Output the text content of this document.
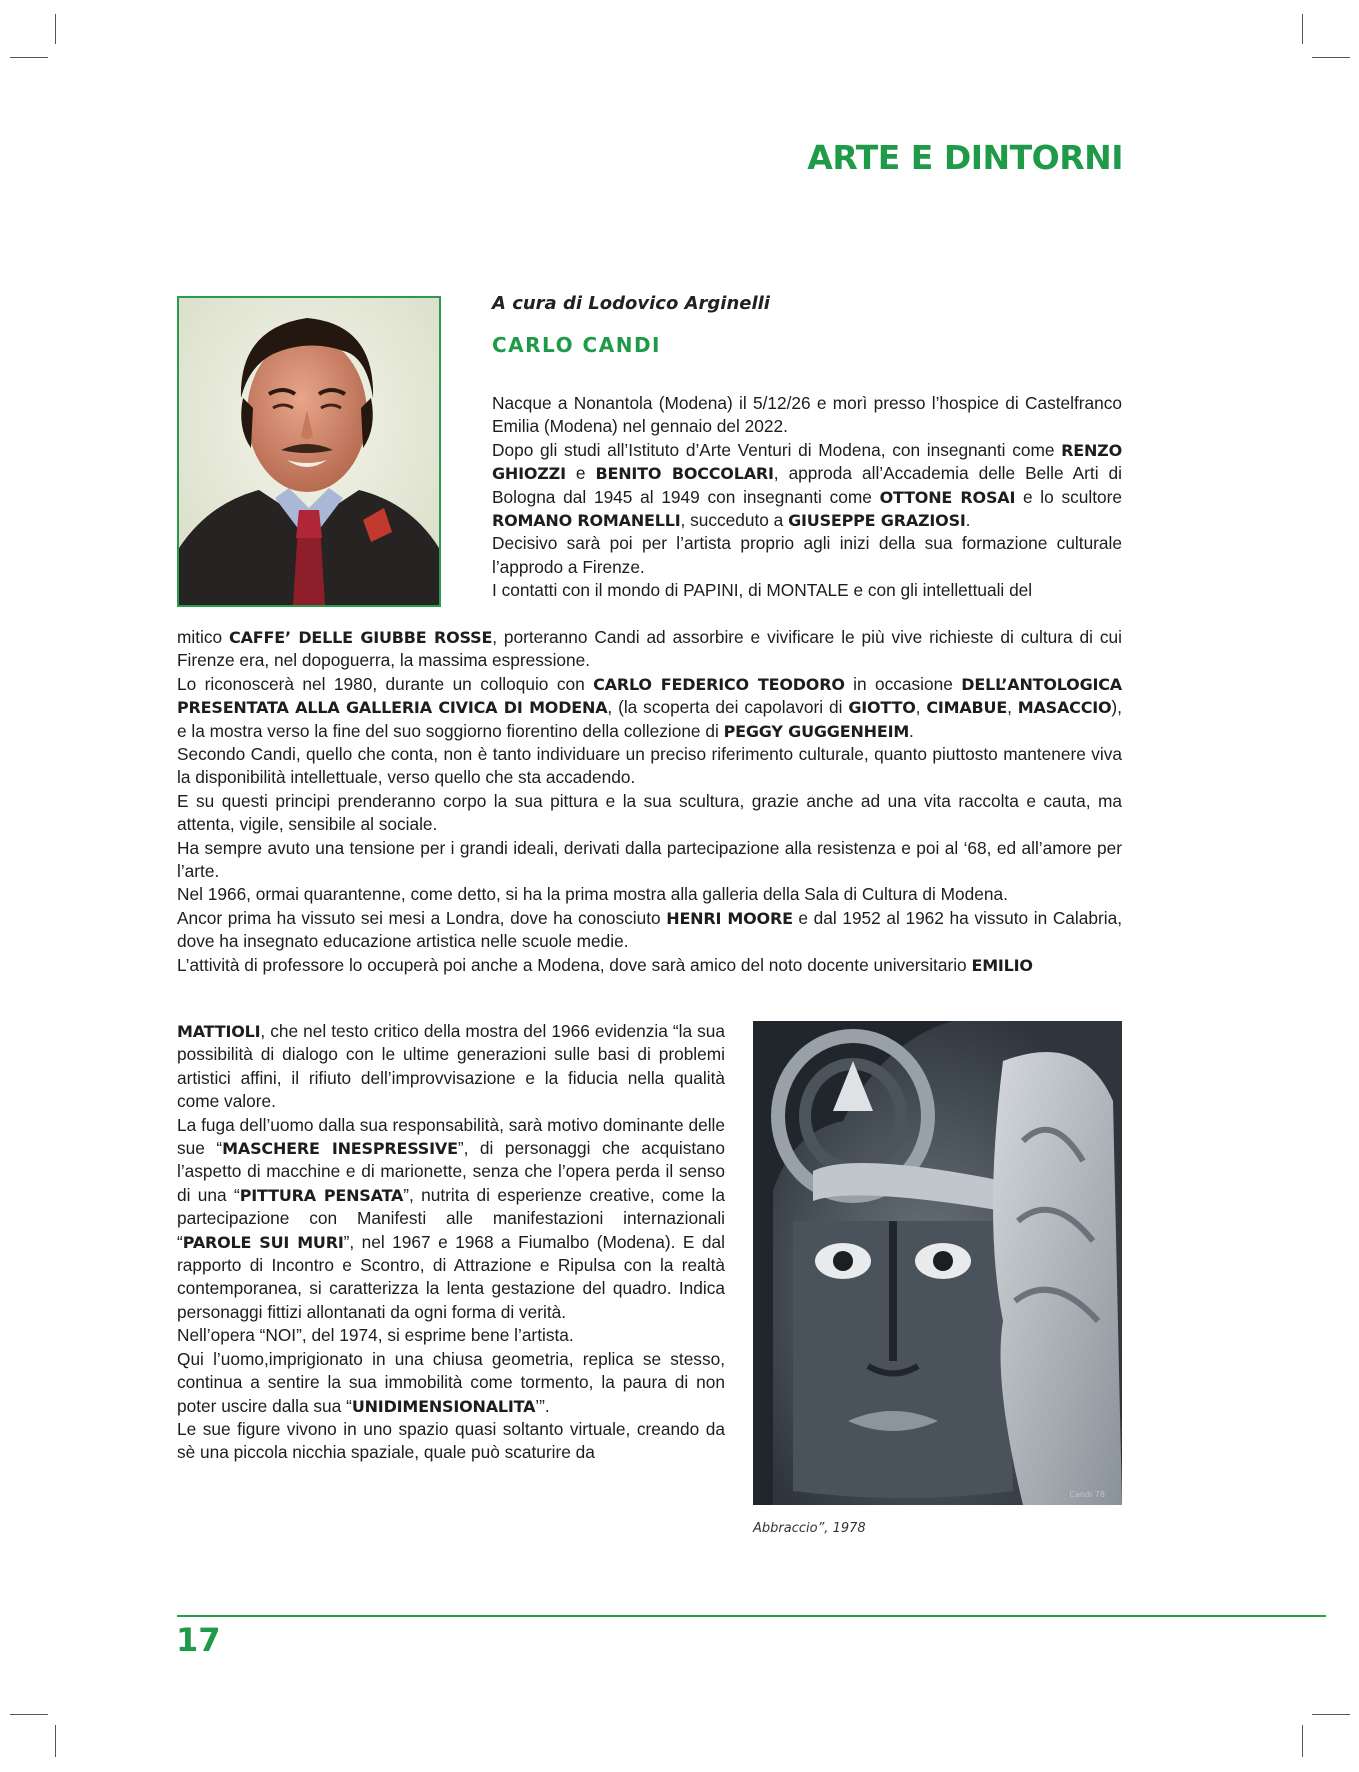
ARTE E DINTORNI

A cura di Lodovico Arginelli

CARLO CANDI

Nacque a Nonantola (Modena) il 5/12/26 e morì presso l’hospice di Castelfranco Emilia (Modena) nel gennaio del 2022.

Dopo gli studi all’Istituto d’Arte Venturi di Modena, con insegnanti come RENZO GHIOZZI e BENITO BOCCOLARI, approda all’Accademia delle Belle Arti di Bologna dal 1945 al 1949 con insegnanti come OTTONE ROSAI e lo scultore ROMANO ROMANELLI, succeduto a GIUSEPPE GRAZIOSI.

Decisivo sarà poi per l’artista proprio agli inizi della sua formazione culturale l’approdo a Firenze.

I contatti con il mondo di PAPINI, di MONTALE e con gli intellettuali del

mitico CAFFE’ DELLE GIUBBE ROSSE, porteranno Candi ad assorbire e vivificare le più vive richieste di cultura di cui Firenze era, nel dopoguerra, la massima espressione.

Lo riconoscerà nel 1980, durante un colloquio con CARLO FEDERICO TEODORO in occasione DELL’ANTOLOGICA PRESENTATA ALLA GALLERIA CIVICA DI MODENA, (la scoperta dei capolavori di GIOTTO, CIMABUE, MASACCIO), e la mostra verso la fine del suo soggiorno fiorentino della collezione di PEGGY GUGGENHEIM.

Secondo Candi, quello che conta, non è tanto individuare un preciso riferimento culturale, quanto piuttosto mantenere viva la disponibilità intellettuale, verso quello che sta accadendo.

E su questi principi prenderanno corpo la sua pittura e la sua scultura, grazie anche ad una vita raccolta e cauta, ma attenta, vigile, sensibile al sociale.

Ha sempre avuto una tensione per i grandi ideali, derivati dalla partecipazione alla resistenza e poi al ‘68, ed all’amore per l’arte.

Nel 1966, ormai quarantenne, come detto, si ha la prima mostra alla galleria della Sala di Cultura di Modena.

Ancor prima ha vissuto sei mesi a Londra, dove ha conosciuto HENRI MOORE e dal 1952 al 1962 ha vissuto in Calabria, dove ha insegnato educazione artistica nelle scuole medie.

L’attività di professore lo occuperà poi anche a Modena, dove sarà amico del noto docente universitario EMILIO

MATTIOLI, che nel testo critico della mostra del 1966 evidenzia “la sua possibilità di dialogo con le ultime generazioni sulle basi di problemi artistici affini, il rifiuto dell’improvvisazione e la fiducia nella qualità come valore.

La fuga dell’uomo dalla sua responsabilità, sarà motivo dominante delle sue “MASCHERE INESPRESSIVE”, di personaggi che acquistano l’aspetto di macchine e di marionette, senza che l’opera perda il senso di una “PITTURA PENSATA”, nutrita di esperienze creative, come la partecipazione con Manifesti alle manifestazioni internazionali “PAROLE SUI MURI”, nel 1967 e 1968 a Fiumalbo (Modena). E dal rapporto di Incontro e Scontro, di Attrazione e Ripulsa con la realtà contemporanea, si caratterizza la lenta gestazione del quadro. Indica personaggi fittizi allontanati da ogni forma di verità.

Nell’opera “NOI”, del 1974, si esprime bene l’artista.

Qui l’uomo,imprigionato in una chiusa geometria, replica se stesso, continua a sentire la sua immobilità come tormento, la paura di non poter uscire dalla sua “UNIDIMENSIONALITA’”.

Le sue figure vivono in uno spazio quasi soltanto virtuale, creando da sè una piccola nicchia spaziale, quale può scaturire da

Candi 78

Abbraccio”, 1978

17
